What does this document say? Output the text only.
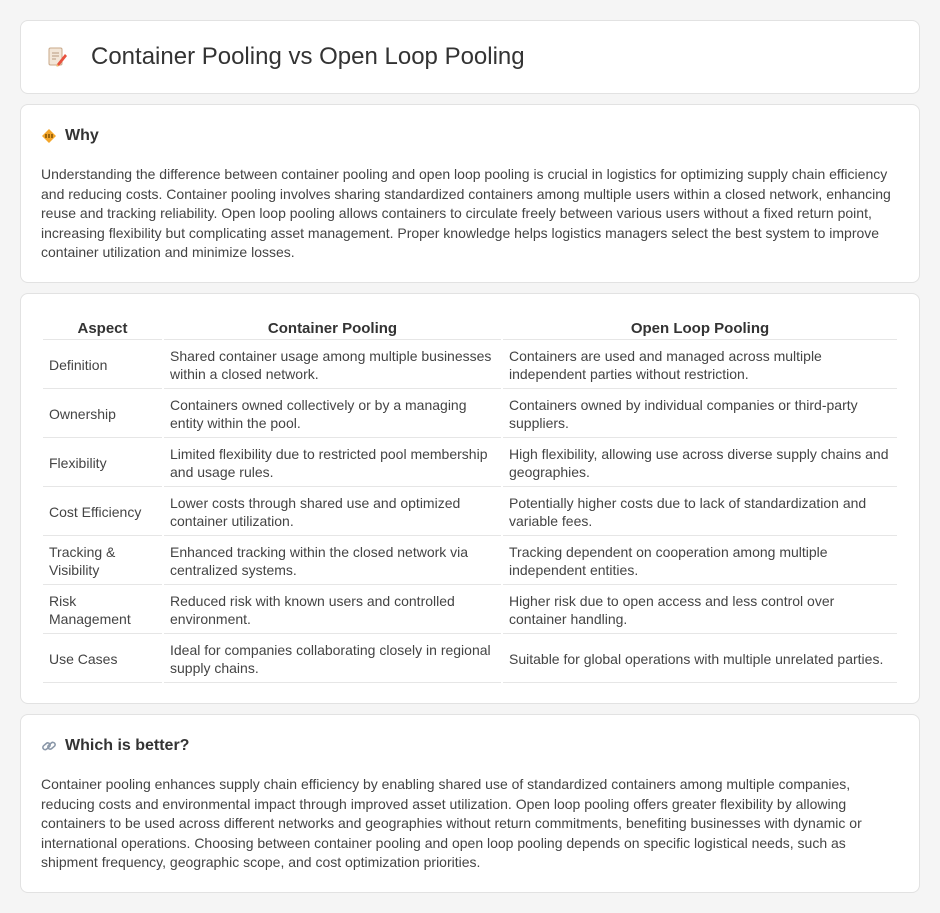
Container Pooling vs Open Loop Pooling
Why

Understanding the difference between container pooling and open loop pooling is crucial in logistics for optimizing supply chain efficiency and reducing costs. Container pooling involves sharing standardized containers among multiple users within a closed network, enhancing reuse and tracking reliability. Open loop pooling allows containers to circulate freely between various users without a fixed return point, increasing flexibility but complicating asset management. Proper knowledge helps logistics managers select the best system to improve container utilization and minimize losses.

Aspect	Container Pooling	Open Loop Pooling
Definition	Shared container usage among multiple businesses within a closed network.	Containers are used and managed across multiple independent parties without restriction.
Ownership	Containers owned collectively or by a managing entity within the pool.	Containers owned by individual companies or third-party suppliers.
Flexibility	Limited flexibility due to restricted pool membership and usage rules.	High flexibility, allowing use across diverse supply chains and geographies.
Cost Efficiency	Lower costs through shared use and optimized container utilization.	Potentially higher costs due to lack of standardization and variable fees.
Tracking & Visibility	Enhanced tracking within the closed network via centralized systems.	Tracking dependent on cooperation among multiple independent entities.
Risk Management	Reduced risk with known users and controlled environment.	Higher risk due to open access and less control over container handling.
Use Cases	Ideal for companies collaborating closely in regional supply chains.	Suitable for global operations with multiple unrelated parties.
Which is better?

Container pooling enhances supply chain efficiency by enabling shared use of standardized containers among multiple companies, reducing costs and environmental impact through improved asset utilization. Open loop pooling offers greater flexibility by allowing containers to be used across different networks and geographies without return commitments, benefiting businesses with dynamic or international operations. Choosing between container pooling and open loop pooling depends on specific logistical needs, such as shipment frequency, geographic scope, and cost optimization priorities.
